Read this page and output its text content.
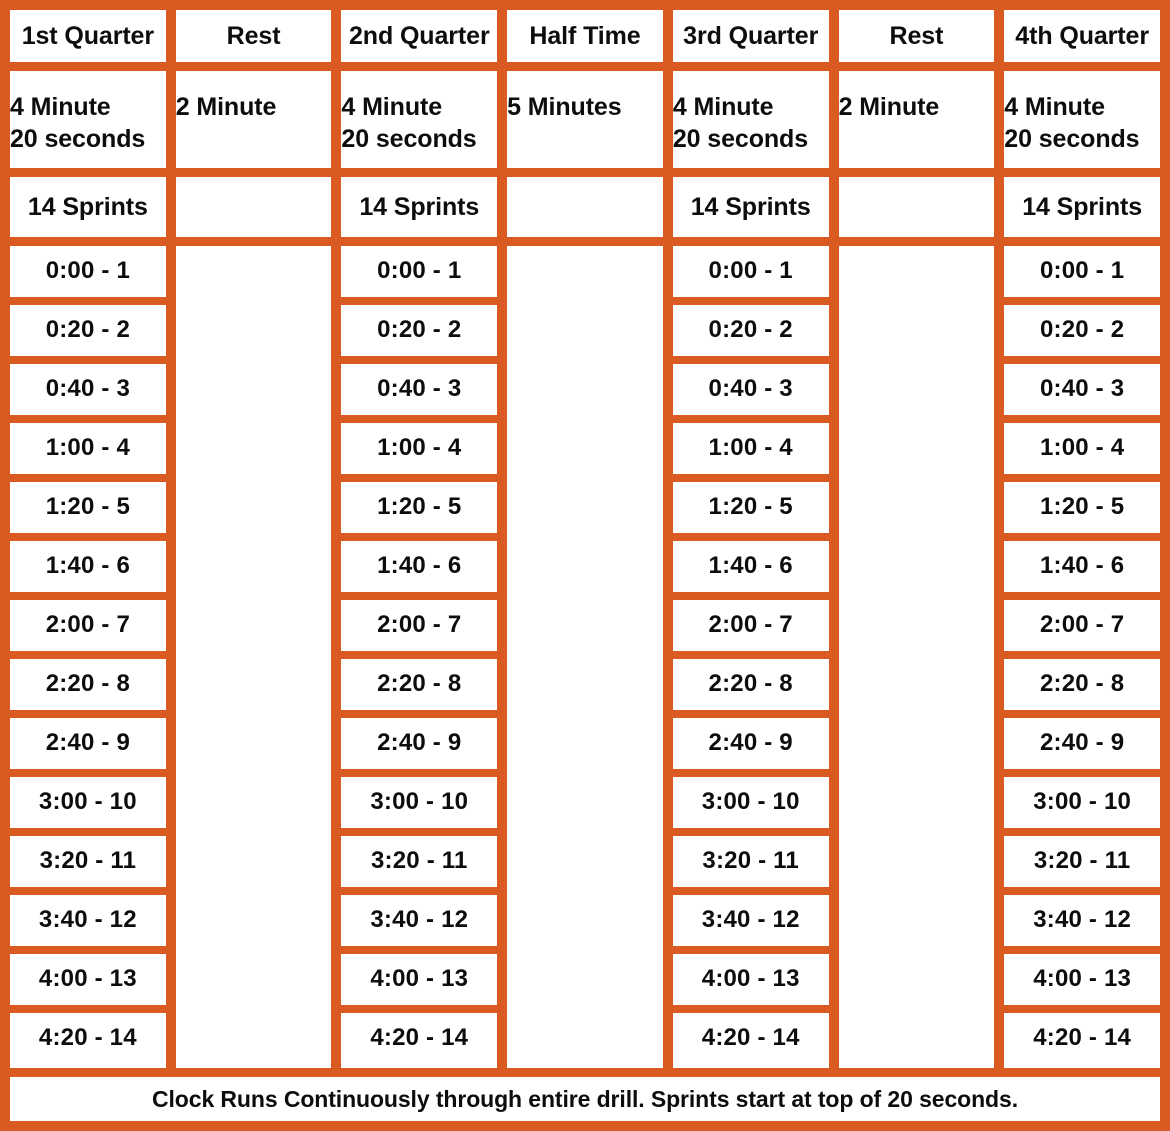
1st Quarter
4 Minute
20 seconds
14 Sprints
0:00 - 1
0:20 - 2
0:40 - 3
1:00 - 4
1:20 - 5
1:40 - 6
2:00 - 7
2:20 - 8
2:40 - 9
3:00 - 10
3:20 - 11
3:40 - 12
4:00 - 13
4:20 - 14
Rest
2 Minute
2nd Quarter
4 Minute
20 seconds
14 Sprints
0:00 - 1
0:20 - 2
0:40 - 3
1:00 - 4
1:20 - 5
1:40 - 6
2:00 - 7
2:20 - 8
2:40 - 9
3:00 - 10
3:20 - 11
3:40 - 12
4:00 - 13
4:20 - 14
Half Time
5 Minutes
3rd Quarter
4 Minute
20 seconds
14 Sprints
0:00 - 1
0:20 - 2
0:40 - 3
1:00 - 4
1:20 - 5
1:40 - 6
2:00 - 7
2:20 - 8
2:40 - 9
3:00 - 10
3:20 - 11
3:40 - 12
4:00 - 13
4:20 - 14
Rest
2 Minute
4th Quarter
4 Minute
20 seconds
14 Sprints
0:00 - 1
0:20 - 2
0:40 - 3
1:00 - 4
1:20 - 5
1:40 - 6
2:00 - 7
2:20 - 8
2:40 - 9
3:00 - 10
3:20 - 11
3:40 - 12
4:00 - 13
4:20 - 14
Clock Runs Continuously through entire drill. Sprints start at top of 20 seconds.
